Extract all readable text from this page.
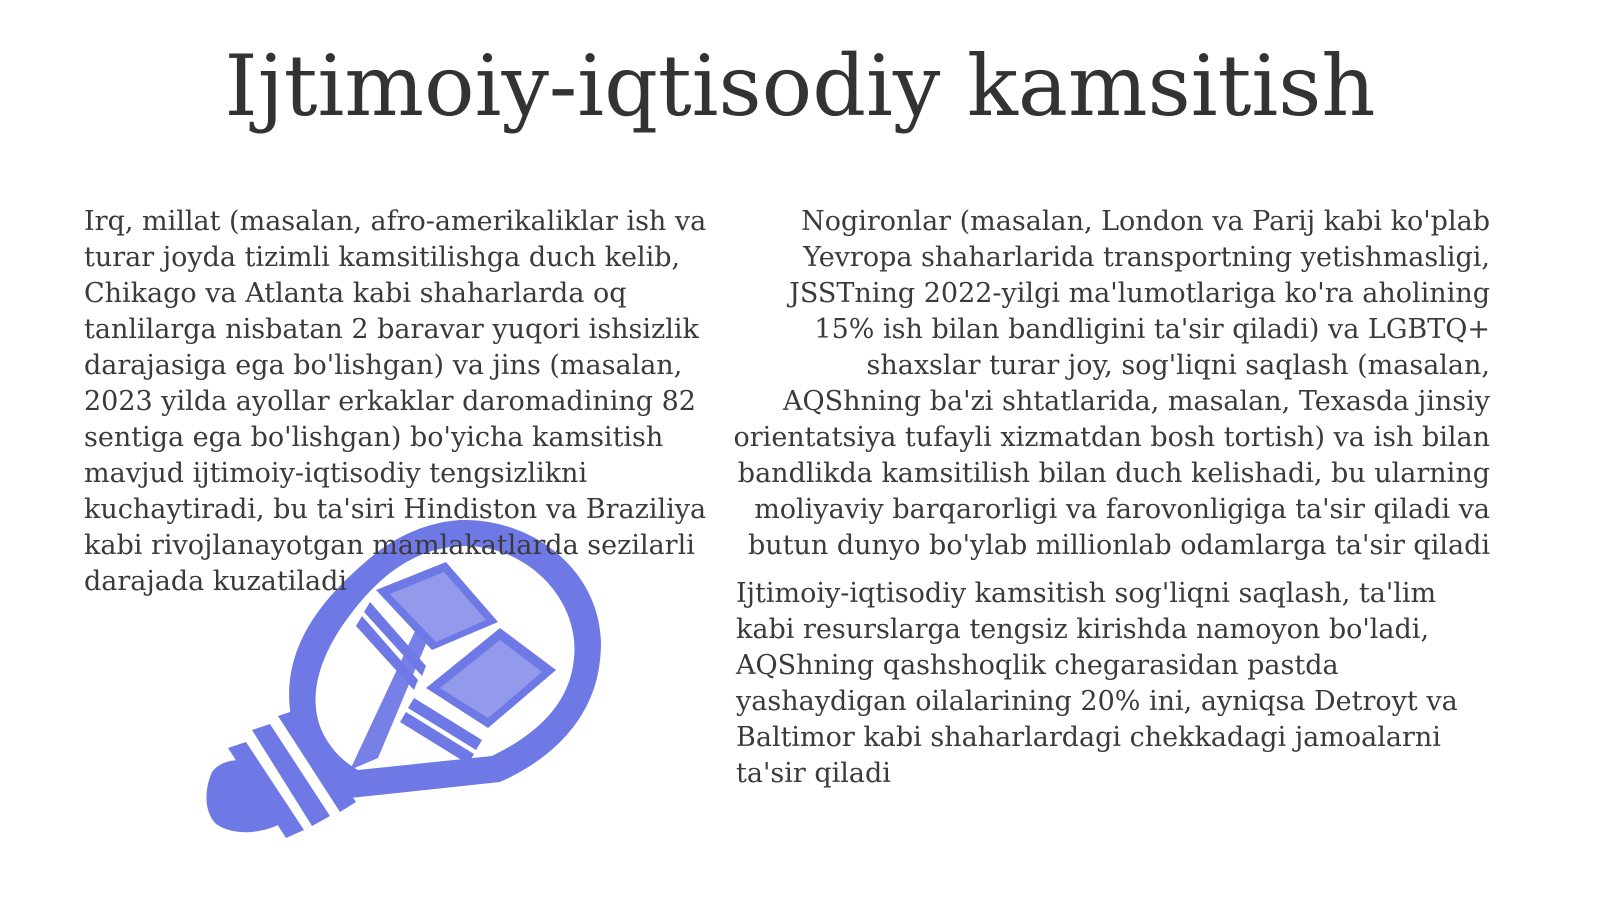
Ijtimoiy-iqtisodiy kamsitish

Irq, millat (masalan, afro-amerikaliklar ish va turar joyda tizimli kamsitilishga duch kelib, Chikago va Atlanta kabi shaharlarda oq tanlilarga nisbatan 2 baravar yuqori ishsizlik darajasiga ega bo'lishgan) va jins (masalan, 2023 yilda ayollar erkaklar daromadining 82 sentiga ega bo'lishgan) bo'yicha kamsitish mavjud ijtimoiy-iqtisodiy tengsizlikni kuchaytiradi, bu ta'siri Hindiston va Braziliya kabi rivojlanayotgan mamlakatlarda sezilarli darajada kuzatiladi

Nogironlar (masalan, London va Parij kabi ko'plab Yevropa shaharlarida transportning yetishmasligi, JSSTning 2022-yilgi ma'lumotlariga ko'ra aholining 15% ish bilan bandligini ta'sir qiladi) va LGBTQ+ shaxslar turar joy, sog'liqni saqlash (masalan, AQShning ba'zi shtatlarida, masalan, Texasda jinsiy orientatsiya tufayli xizmatdan bosh tortish) va ish bilan bandlikda kamsitilish bilan duch kelishadi, bu ularning moliyaviy barqarorligi va farovonligiga ta'sir qiladi va butun dunyo bo'ylab millionlab odamlarga ta'sir qiladi

Ijtimoiy-iqtisodiy kamsitish sog'liqni saqlash, ta'lim kabi resurslarga tengsiz kirishda namoyon bo'ladi, AQShning qashshoqlik chegarasidan pastda yashaydigan oilalarining 20% ini, ayniqsa Detroyt va Baltimor kabi shaharlardagi chekkadagi jamoalarni ta'sir qiladi
